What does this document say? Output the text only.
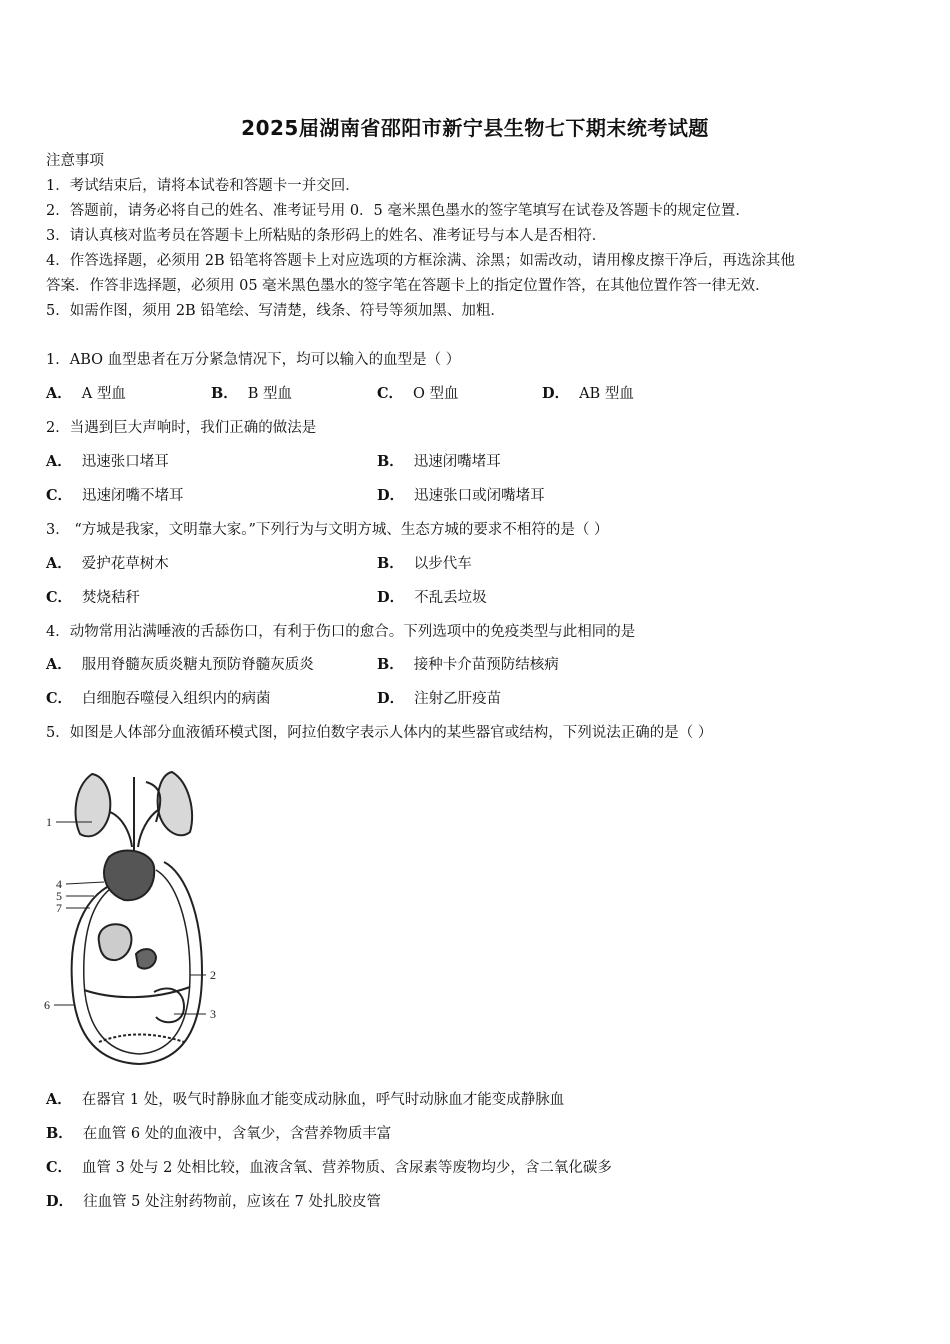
2025届湖南省邵阳市新宁县生物七下期末统考试题
注意事项
1．考试结束后，请将本试卷和答题卡一并交回．
2．答题前，请务必将自己的姓名、准考证号用 0．5 毫米黑色墨水的签字笔填写在试卷及答题卡的规定位置．
3．请认真核对监考员在答题卡上所粘贴的条形码上的姓名、准考证号与本人是否相符．
4．作答选择题，必须用 2B 铅笔将答题卡上对应选项的方框涂满、涂黑；如需改动，请用橡皮擦干净后，再选涂其他
答案．作答非选择题，必须用 05 毫米黑色墨水的签字笔在答题卡上的指定位置作答，在其他位置作答一律无效．
5．如需作图，须用 2B 铅笔绘、写清楚，线条、符号等须加黑、加粗．
1．ABO 血型患者在万分紧急情况下，均可以输入的血型是（ ）
A． A 型血	B． B 型血	C． O 型血	D． AB 型血
2．当遇到巨大声响时，我们正确的做法是
A． 迅速张口堵耳	B． 迅速闭嘴堵耳
C． 迅速闭嘴不堵耳	D． 迅速张口或闭嘴堵耳
3． “方城是我家，文明靠大家。”下列行为与文明方城、生态方城的要求不相符的是（ ）
A． 爱护花草树木	B． 以步代车
C． 焚烧秸秆	D． 不乱丢垃圾
4．动物常用沾满唾液的舌舔伤口，有利于伤口的愈合。下列选项中的免疫类型与此相同的是
A． 服用脊髓灰质炎糖丸预防脊髓灰质炎	B． 接种卡介苗预防结核病
C． 白细胞吞噬侵入组织内的病菌	D． 注射乙肝疫苗
5．如图是人体部分血液循环模式图，阿拉伯数字表示人体内的某些器官或结构，下列说法正确的是（ ）
1
4
5
7
2
6
3
A． 在器官 1 处，吸气时静脉血才能变成动脉血，呼气时动脉血才能变成静脉血
B． 在血管 6 处的血液中，含氧少，含营养物质丰富
C． 血管 3 处与 2 处相比较，血液含氧、营养物质、含尿素等废物均少，含二氧化碳多
D． 往血管 5 处注射药物前，应该在 7 处扎胶皮管
